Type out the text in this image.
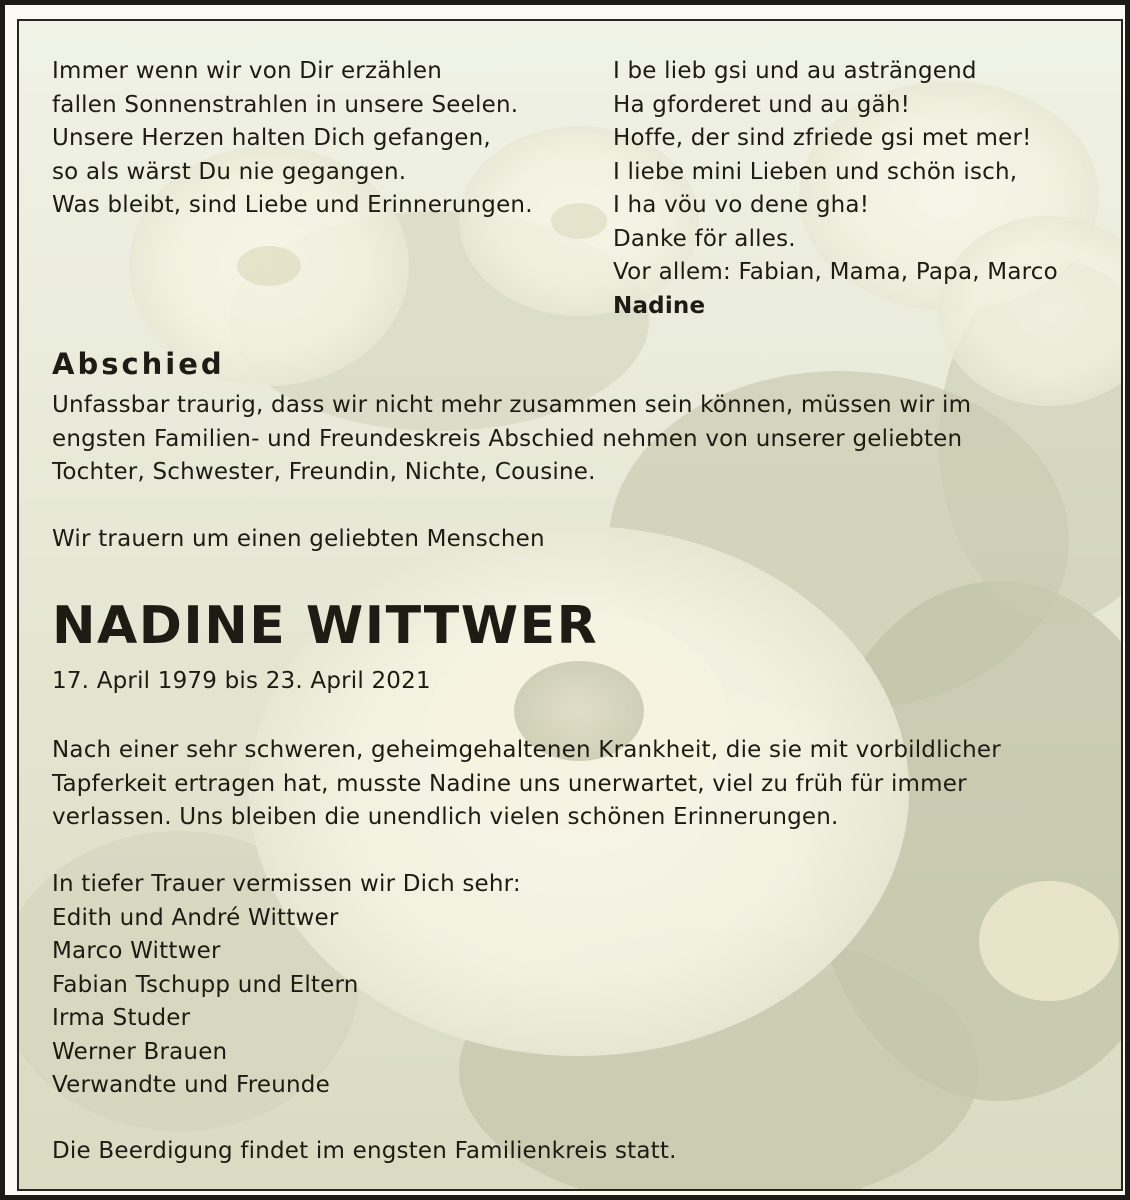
Immer wenn wir von Dir erzählen
fallen Sonnenstrahlen in unsere Seelen.
Unsere Herzen halten Dich gefangen,
so als wärst Du nie gegangen.
Was bleibt, sind Liebe und Erinnerungen.
I be lieb gsi und au asträngend
Ha gforderet und au gäh!
Hoffe, der sind zfriede gsi met mer!
I liebe mini Lieben und schön isch,
I ha vöu vo dene gha!
Danke för alles.
Vor allem: Fabian, Mama, Papa, Marco
Nadine
Abschied
Unfassbar traurig, dass wir nicht mehr zusammen sein können, müssen wir im
engsten Familien- und Freundeskreis Abschied nehmen von unserer geliebten
Tochter, Schwester, Freundin, Nichte, Cousine.
Wir trauern um einen geliebten Menschen
NADINE WITTWER
17. April 1979 bis 23. April 2021
Nach einer sehr schweren, geheimgehaltenen Krankheit, die sie mit vorbildlicher
Tapferkeit ertragen hat, musste Nadine uns unerwartet, viel zu früh für immer
verlassen. Uns bleiben die unendlich vielen schönen Erinnerungen.
In tiefer Trauer vermissen wir Dich sehr:
Edith und André Wittwer
Marco Wittwer
Fabian Tschupp und Eltern
Irma Studer
Werner Brauen
Verwandte und Freunde
Die Beerdigung findet im engsten Familienkreis statt.
